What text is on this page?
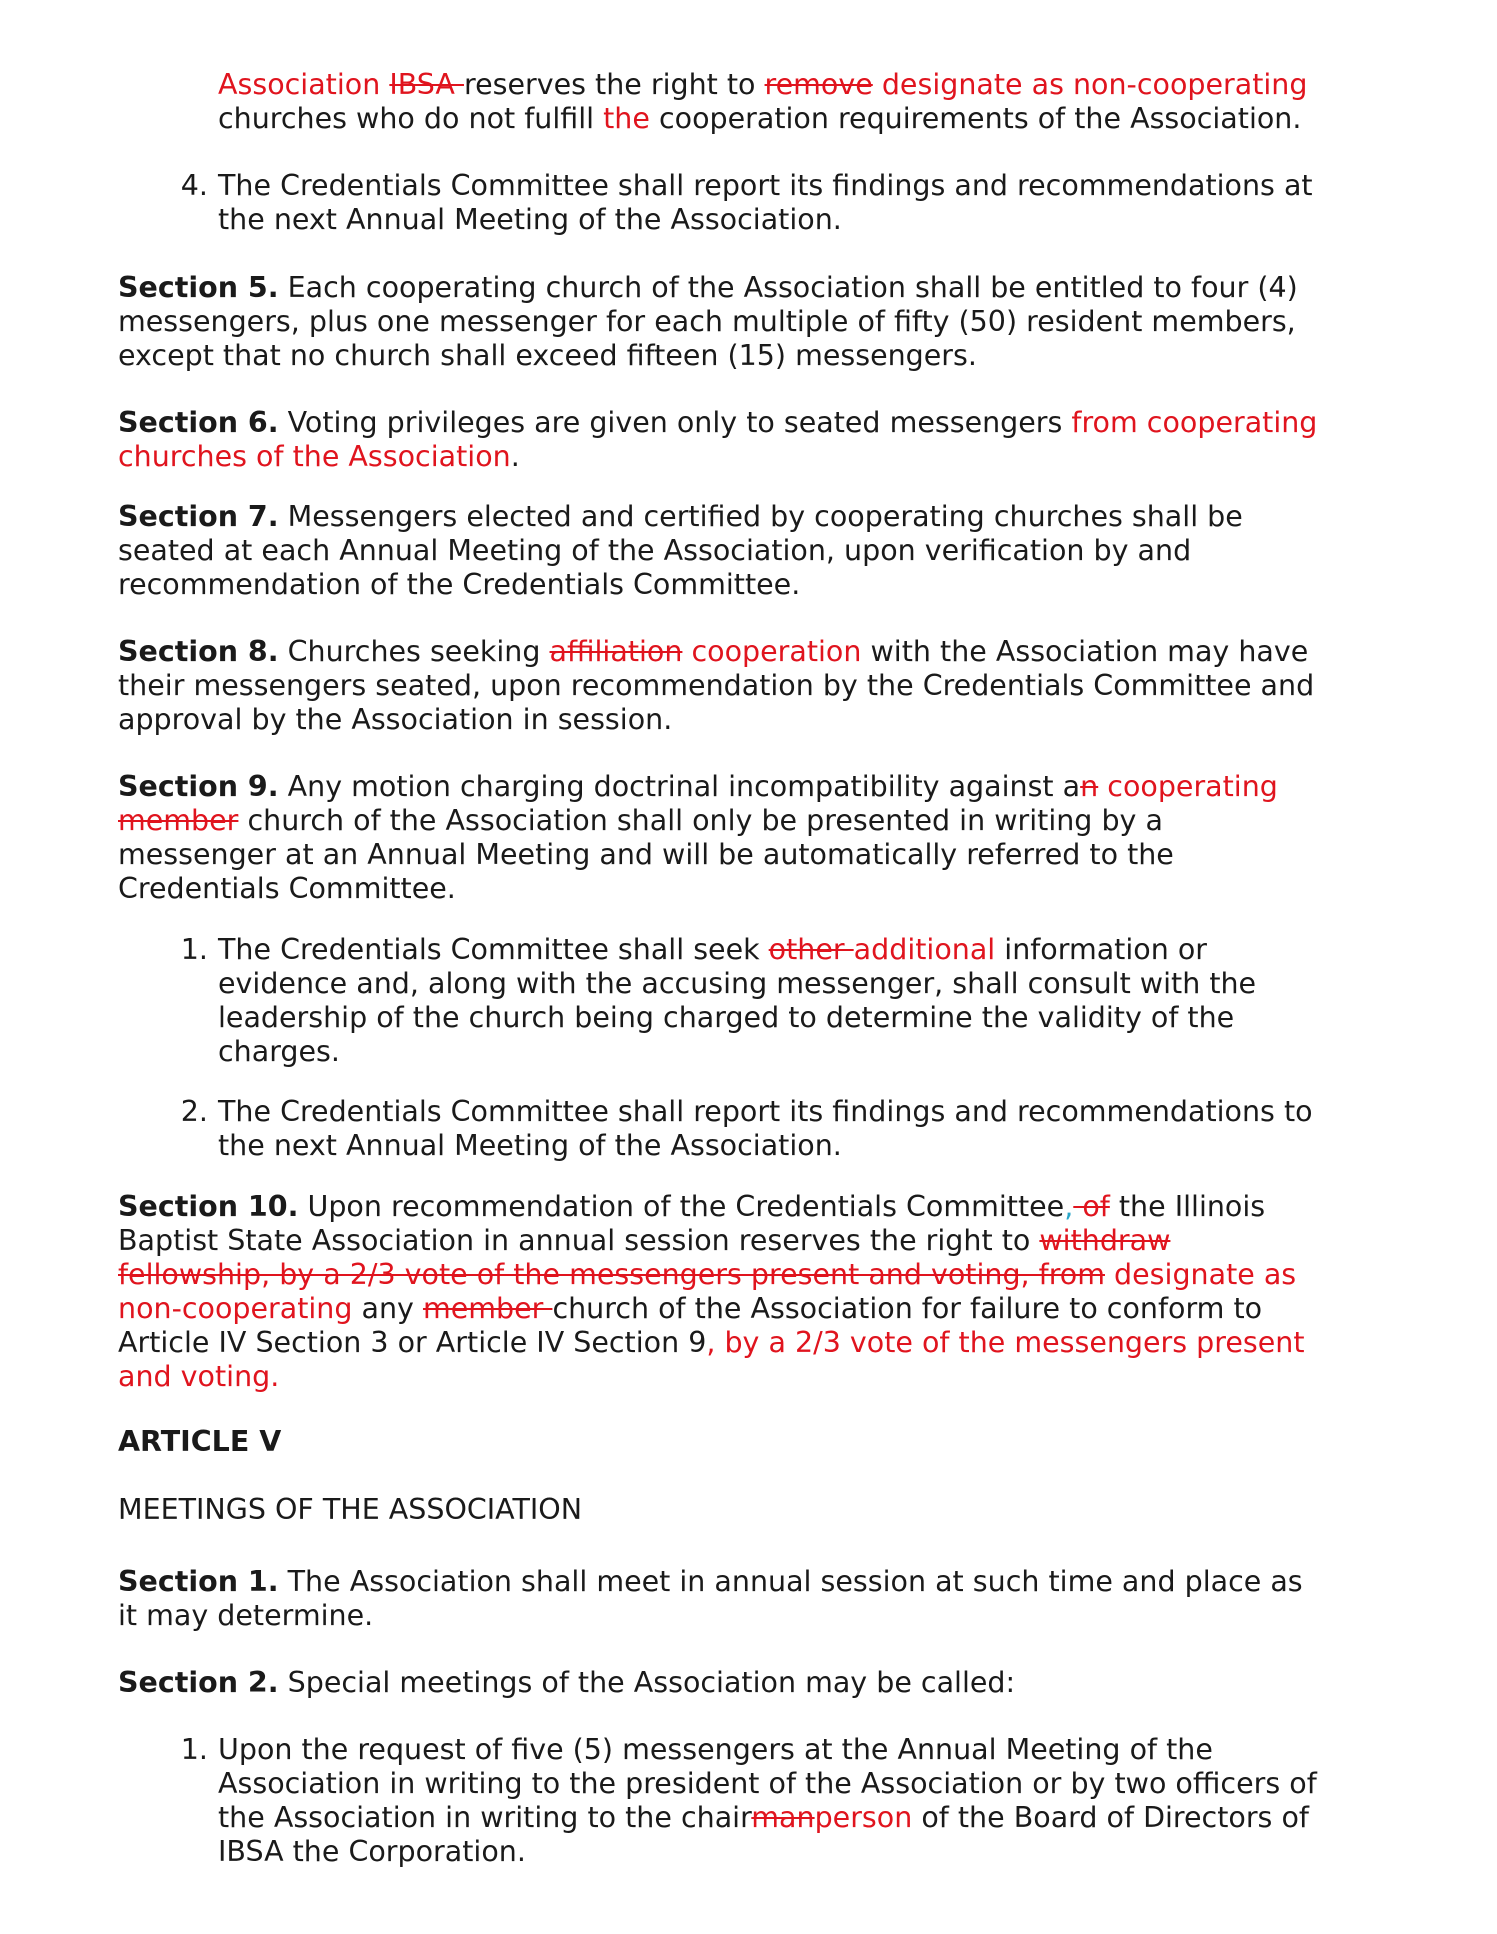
Association IBSA reserves the right to remove designate as non-cooperating
churches who do not fulfill the cooperation requirements of the Association.
4. The Credentials Committee shall report its findings and recommendations at the next Annual Meeting of the Association.

Section 5. Each cooperating church of the Association shall be entitled to four (4) messengers, plus one messenger for each multiple of fifty (50) resident members, except that no church shall exceed fifteen (15) messengers.

Section 6. Voting privileges are given only to seated messengers from cooperating churches of the Association.

Section 7. Messengers elected and certified by cooperating churches shall be seated at each Annual Meeting of the Association, upon verification by and recommendation of the Credentials Committee.

Section 8. Churches seeking affiliation cooperation with the Association may have their messengers seated, upon recommendation by the Credentials Committee and approval by the Association in session.

Section 9. Any motion charging doctrinal incompatibility against an cooperating
member church of the Association shall only be presented in writing by a messenger at an Annual Meeting and will be automatically referred to the Credentials Committee.

1. The Credentials Committee shall seek other additional information or evidence and, along with the accusing messenger, shall consult with the leadership of the church being charged to determine the validity of the charges.
2. The Credentials Committee shall report its findings and recommendations to the next Annual Meeting of the Association.

Section 10. Upon recommendation of the Credentials Committee, of the Illinois Baptist State Association in annual session reserves the right to withdraw fellowship, by a 2/3 vote of the messengers present and voting, from designate as non-cooperating any member church of the Association for failure to conform to Article IV Section 3 or Article IV Section 9, by a 2/3 vote of the messengers present and voting.

ARTICLE V
MEETINGS OF THE ASSOCIATION

Section 1. The Association shall meet in annual session at such time and place as it may determine.

Section 2. Special meetings of the Association may be called:

1. Upon the request of five (5) messengers at the Annual Meeting of the Association in writing to the president of the Association or by two officers of the Association in writing to the chairmanperson of the Board of Directors of IBSA the Corporation.
